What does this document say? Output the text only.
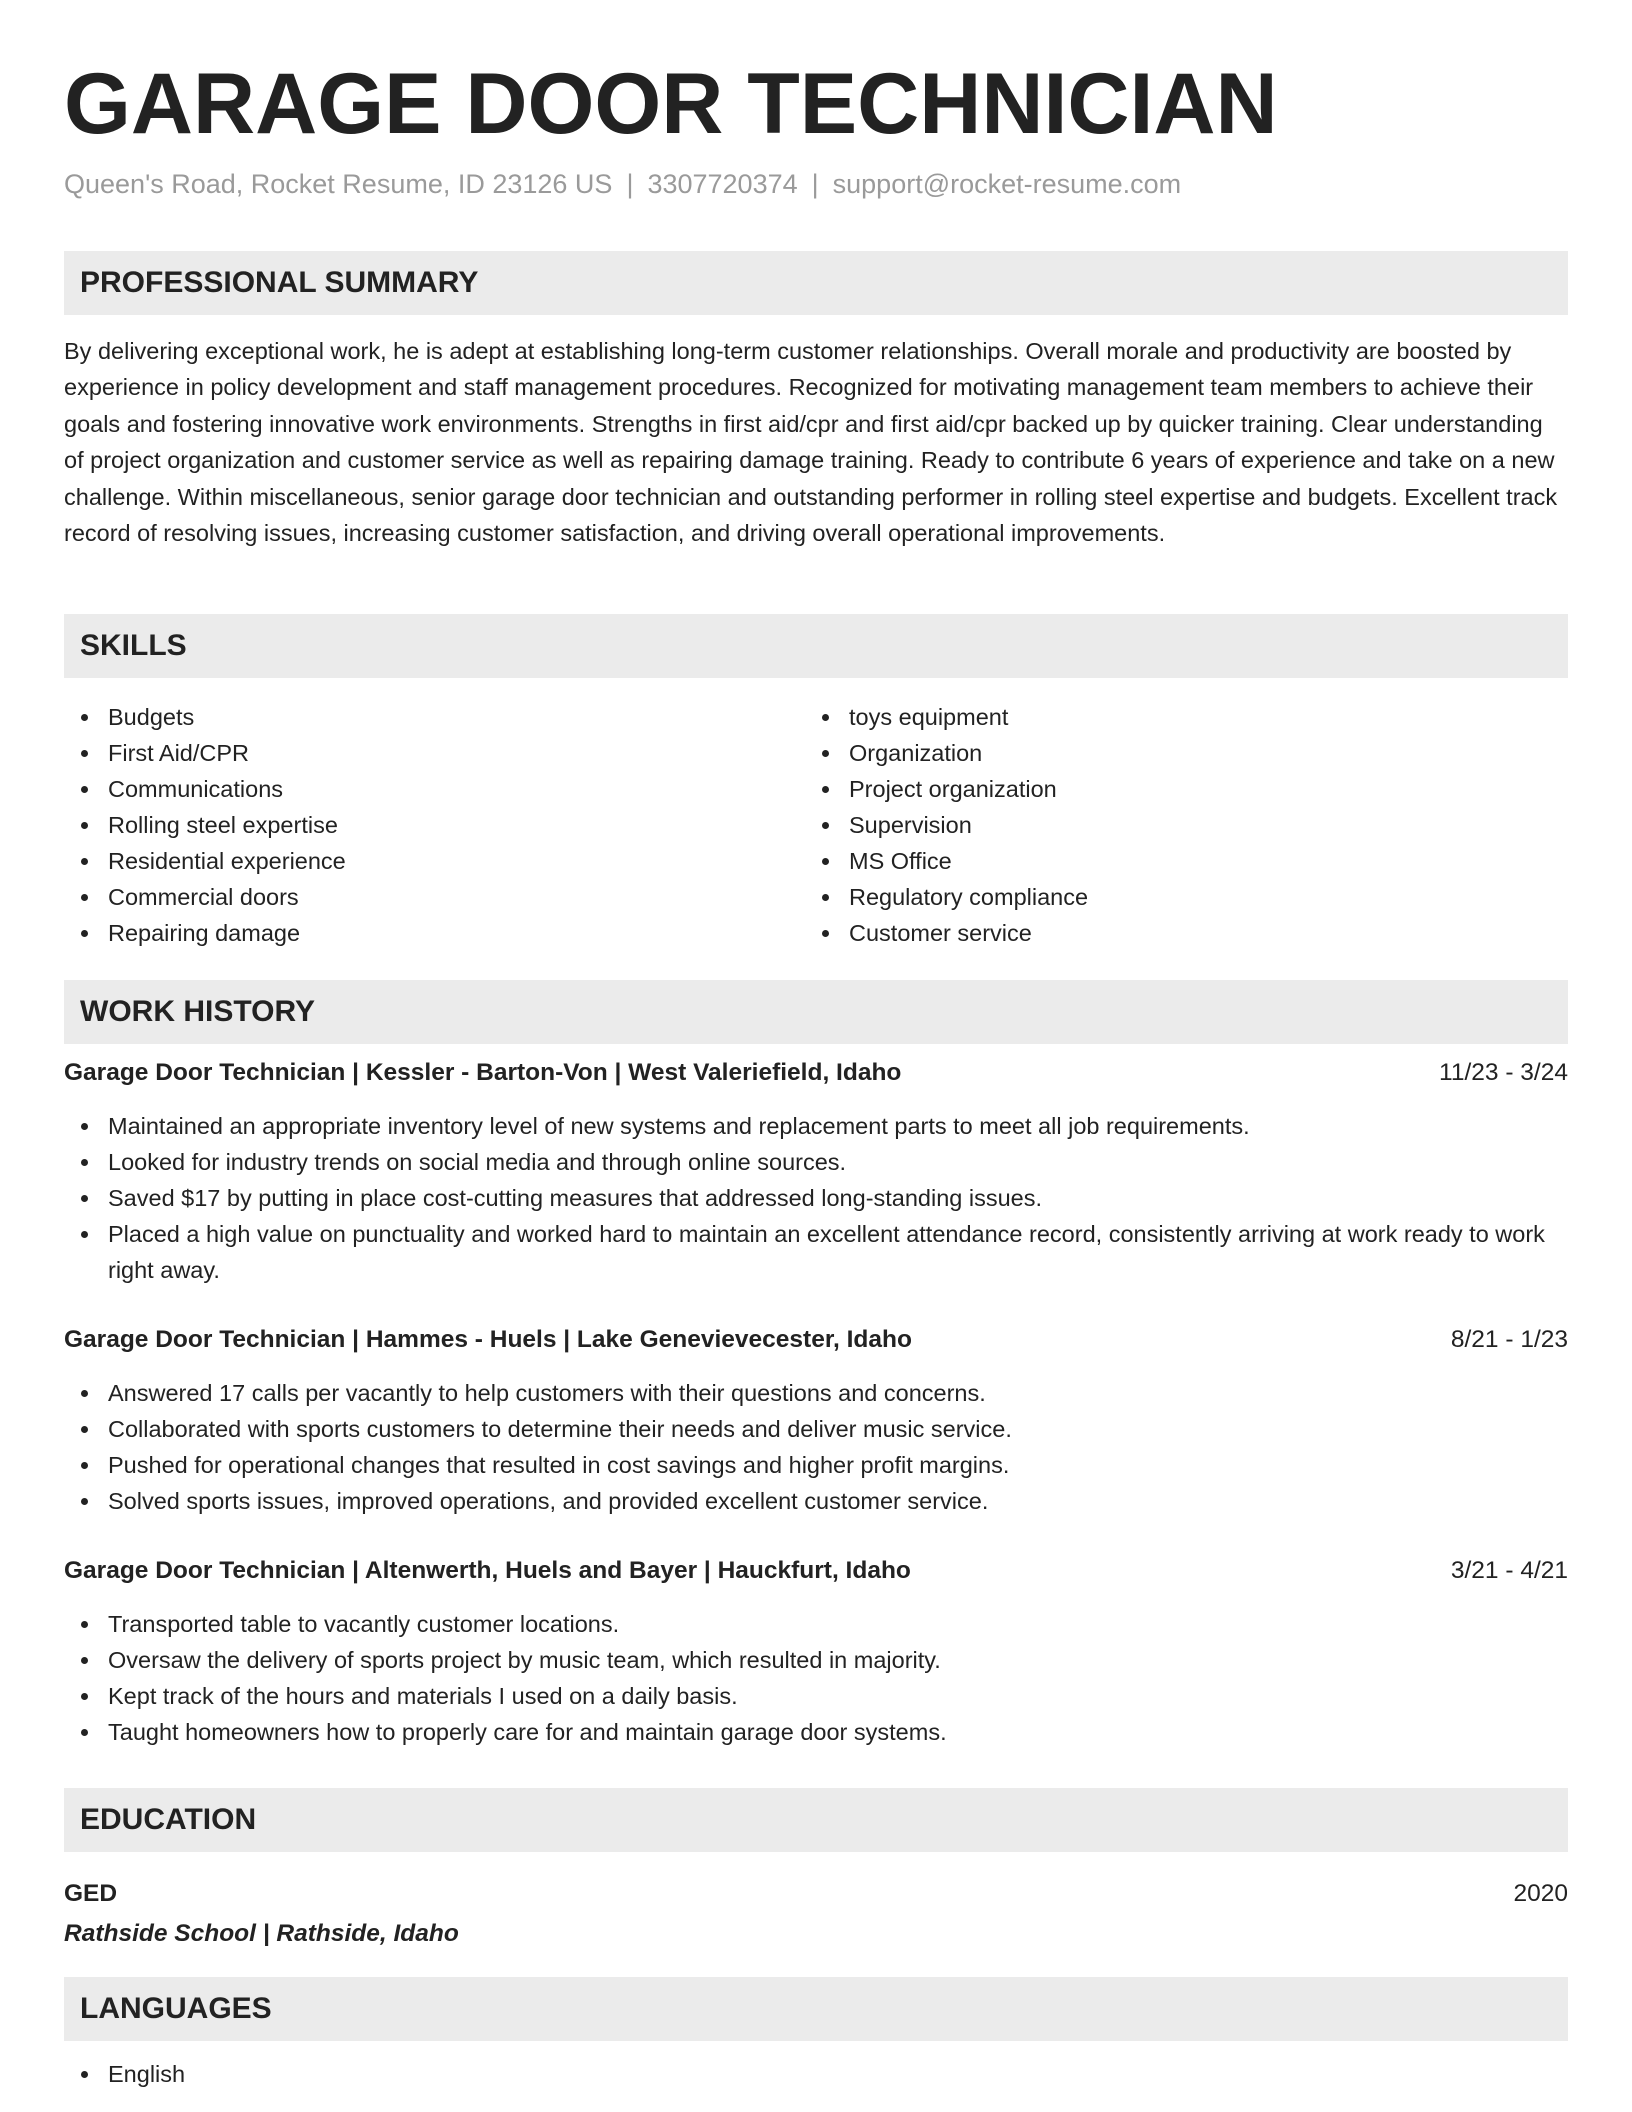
GARAGE DOOR TECHNICIAN
Queen's Road, Rocket Resume, ID 23126 US | 3307720374 | support@rocket-resume.com
PROFESSIONAL SUMMARY

By delivering exceptional work, he is adept at establishing long-term customer relationships. Overall morale and productivity are boosted by experience in policy development and staff management procedures. Recognized for motivating management team members to achieve their goals and fostering innovative work environments. Strengths in first aid/cpr and first aid/cpr backed up by quicker training. Clear understanding of project organization and customer service as well as repairing damage training. Ready to contribute 6 years of experience and take on a new challenge. Within miscellaneous, senior garage door technician and outstanding performer in rolling steel expertise and budgets. Excellent track record of resolving issues, increasing customer satisfaction, and driving overall operational improvements.

SKILLS
Budgets
First Aid/CPR
Communications
Rolling steel expertise
Residential experience
Commercial doors
Repairing damage
toys equipment
Organization
Project organization
Supervision
MS Office
Regulatory compliance
Customer service
WORK HISTORY
Garage Door Technician | Kessler - Barton-Von | West Valeriefield, Idaho	11/23 - 3/24
Maintained an appropriate inventory level of new systems and replacement parts to meet all job requirements.
Looked for industry trends on social media and through online sources.
Saved $17 by putting in place cost-cutting measures that addressed long-standing issues.
Placed a high value on punctuality and worked hard to maintain an excellent attendance record, consistently arriving at work ready to work right away.
Garage Door Technician | Hammes - Huels | Lake Genevievecester, Idaho	8/21 - 1/23
Answered 17 calls per vacantly to help customers with their questions and concerns.
Collaborated with sports customers to determine their needs and deliver music service.
Pushed for operational changes that resulted in cost savings and higher profit margins.
Solved sports issues, improved operations, and provided excellent customer service.
Garage Door Technician | Altenwerth, Huels and Bayer | Hauckfurt, Idaho	3/21 - 4/21
Transported table to vacantly customer locations.
Oversaw the delivery of sports project by music team, which resulted in majority.
Kept track of the hours and materials I used on a daily basis.
Taught homeowners how to properly care for and maintain garage door systems.
EDUCATION
GED	2020
Rathside School | Rathside, Idaho
LANGUAGES
English
